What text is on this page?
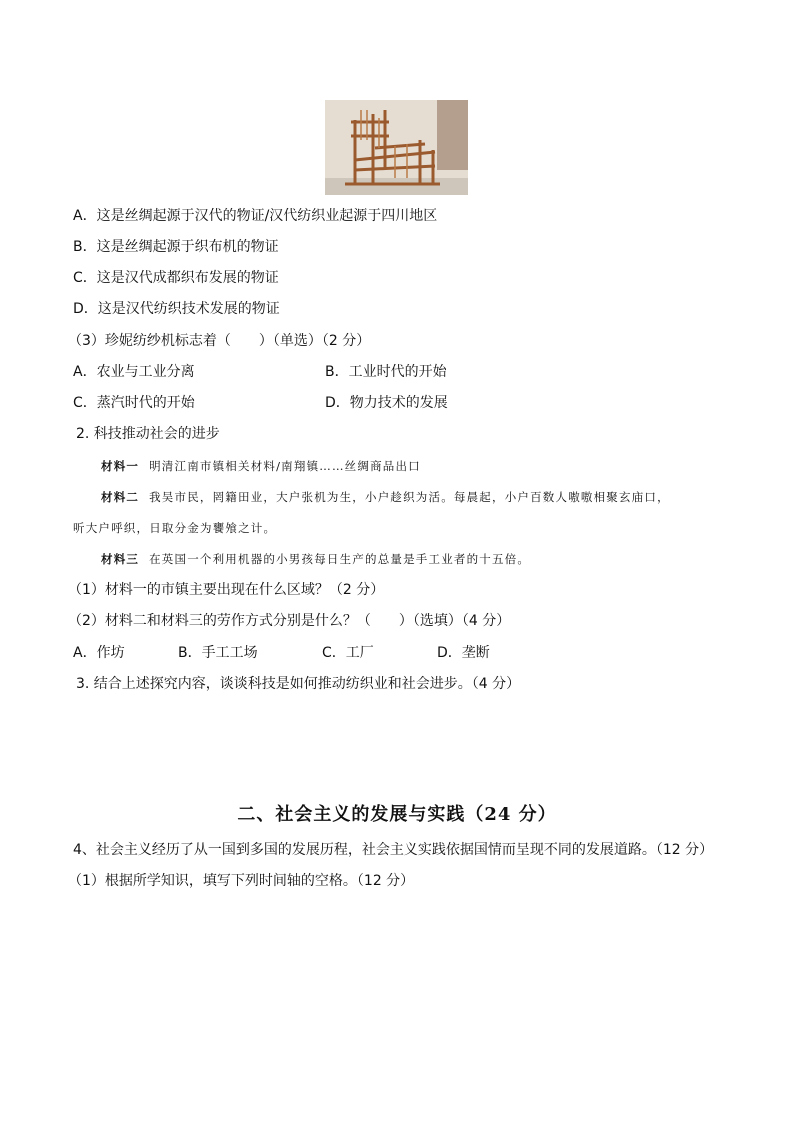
A．这是丝绸起源于汉代的物证/汉代纺织业起源于四川地区
B．这是丝绸起源于织布机的物证
C．这是汉代成都织布发展的物证
D．这是汉代纺织技术发展的物证
（3）珍妮纺纱机标志着（　　）（单选）（2 分）
A．农业与工业分离	B．工业时代的开始
C．蒸汽时代的开始	D．物力技术的发展
2. 科技推动社会的进步
材料一 明清江南市镇相关材料/南翔镇……丝绸商品出口
材料二 我吴市民，罔籍田业，大户张机为生，小户趁织为活。每晨起，小户百数人嗷嗷相聚玄庙口，
听大户呼织，日取分金为饔飧之计。
材料三 在英国一个利用机器的小男孩每日生产的总量是手工业者的十五倍。
（1）材料一的市镇主要出现在什么区域？（2 分）
（2）材料二和材料三的劳作方式分别是什么？（　　）（选填）（4 分）
A．作坊	B．手工工场	C．工厂	D．垄断
3. 结合上述探究内容，谈谈科技是如何推动纺织业和社会进步。（4 分）
二、社会主义的发展与实践（24 分）
4、社会主义经历了从一国到多国的发展历程，社会主义实践依据国情而呈现不同的发展道路。（12 分）
（1）根据所学知识，填写下列时间轴的空格。（12 分）
